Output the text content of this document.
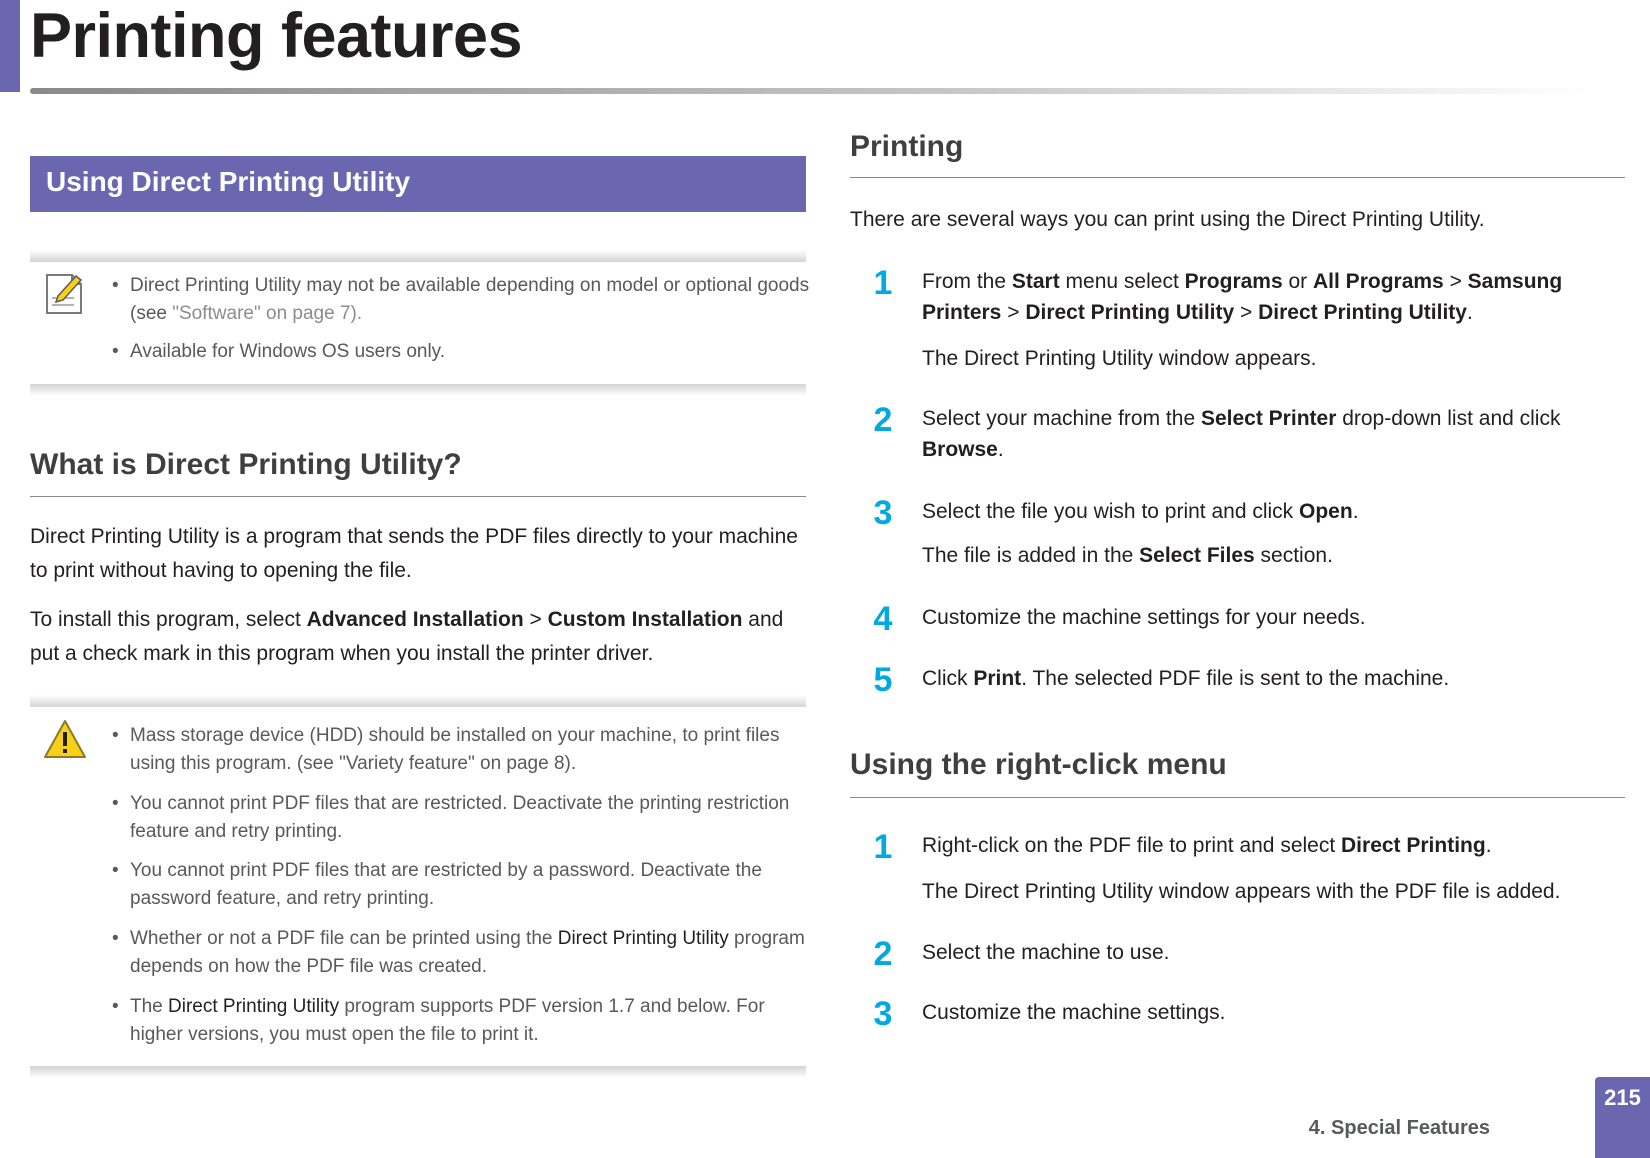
Printing features
Using Direct Printing Utility
• Direct Printing Utility may not be available depending on model or optional goods (see "Software" on page 7).
• Available for Windows OS users only.
What is Direct Printing Utility?
Direct Printing Utility is a program that sends the PDF files directly to your machine to print without having to opening the file.
To install this program, select Advanced Installation > Custom Installation and put a check mark in this program when you install the printer driver.
• Mass storage device (HDD) should be installed on your machine, to print files using this program. (see "Variety feature" on page 8).
• You cannot print PDF files that are restricted. Deactivate the printing restriction feature and retry printing.
• You cannot print PDF files that are restricted by a password. Deactivate the password feature, and retry printing.
• Whether or not a PDF file can be printed using the Direct Printing Utility program depends on how the PDF file was created.
• The Direct Printing Utility program supports PDF version 1.7 and below. For higher versions, you must open the file to print it.
Printing
There are several ways you can print using the Direct Printing Utility.
1 From the Start menu select Programs or All Programs > Samsung Printers > Direct Printing Utility > Direct Printing Utility.
The Direct Printing Utility window appears.
2 Select your machine from the Select Printer drop-down list and click Browse.
3 Select the file you wish to print and click Open.
The file is added in the Select Files section.
4 Customize the machine settings for your needs.
5 Click Print. The selected PDF file is sent to the machine.
Using the right-click menu
1 Right-click on the PDF file to print and select Direct Printing.
The Direct Printing Utility window appears with the PDF file is added.
2 Select the machine to use.
3 Customize the machine settings.
4. Special Features
215
